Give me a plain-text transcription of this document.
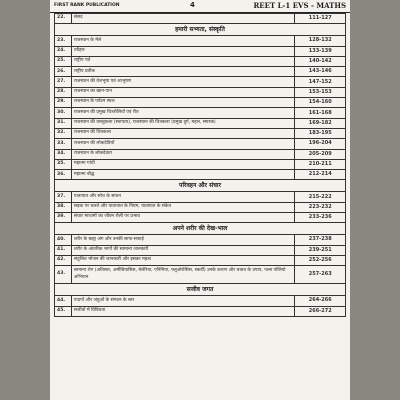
FIRST RANK PUBLICATION	4	REET L-1 EVS - MATHS
22.	संसद	111-127
हमारी सभ्यता, संस्कृति		
23.	राजस्थान के मेले	128-132
24.	त्यौहार	133-139
25.	राष्ट्रीय पर्व	140-142
26.	राष्ट्रीय प्रतीक	143-146
27.	राजस्थान की वेशभूषा एवं आभूषण	147-152
28.	राजस्थान का खान-पान	153-153
29.	राजस्थान के पर्यटन स्थल	154-160
30.	राजस्थान की प्रमुख चित्रशैलियाँ एवं रीत	161-168
31.	राजस्थान की वास्तुकला (स्थापत्य), राजस्थान की चित्रकला (प्रमुख दुर्ग, महल, स्मारक)	169-182
32.	राजस्थान की चित्रकला	183-195
33.	राजस्थान की लोकदेवियाँ	196-204
34.	राजस्थान के लोकदेवता	205-209
35.	महात्मा गांधी	210-211
36.	महात्मा बौद्ध	212-214
परिवहन और संचार		
37.	यातायात और सोच के साधन	215-222
38.	सड़क पर चलते और यातायात के नियम, यातायात के संकेत	223-232
39.	संचार माध्यमों का जीवन शैली पर प्रभाव	233-236
अपने शरीर की देख-भाल		
40.	शरीर के बाह्य अंग और उनकी साफ-सफाई	237-238
41.	शरीर के आंतरिक भागों की सामान्य जानकारी	239-251
42.	संतुलित भोजन की जानकारी और इसका महत्व	252-256
43.	सामान्य रोग (अतिसार, अमीबियासिस, मेलेरिया, एनिमिया, फ्लूओरोसिस, स्कर्वी) उनके कारण और बचाव के उपाय, पल्स पोलियो अभियान	257-263
सजीव जगत		
44.	पादपों और जंतुओं के संगठन के स्तर	264-266
45.	सजीवों में विविधता	266-272
